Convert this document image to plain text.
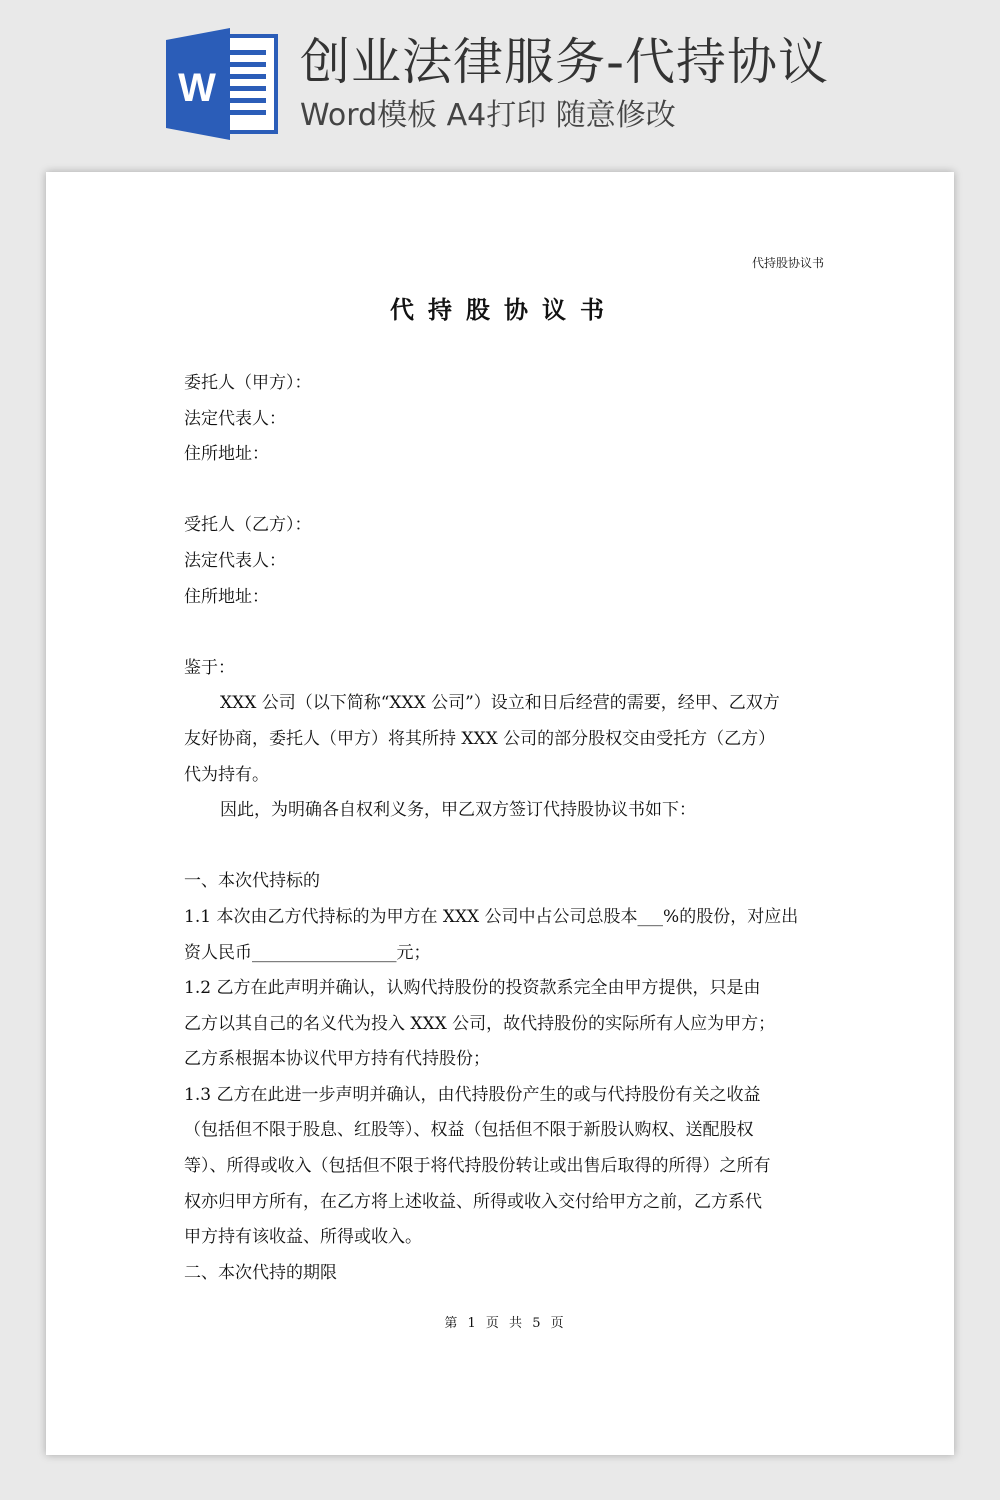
W 创业法律服务-代持协议
Word模板 A4打印 随意修改
代持股协议书
代持股协议书
委托人（甲方）：
法定代表人：
住所地址：
受托人（乙方）：
法定代表人：
住所地址：
鉴于：
XXX 公司（以下简称“XXX 公司”）设立和日后经营的需要，经甲、乙双方
友好协商，委托人（甲方）将其所持 XXX 公司的部分股权交由受托方（乙方）
代为持有。
因此，为明确各自权利义务，甲乙双方签订代持股协议书如下：
一、本次代持标的
1.1 本次由乙方代持标的为甲方在 XXX 公司中占公司总股本___%的股份，对应出
资人民币_________________元；
1.2 乙方在此声明并确认，认购代持股份的投资款系完全由甲方提供，只是由
乙方以其自己的名义代为投入 XXX 公司，故代持股份的实际所有人应为甲方；
乙方系根据本协议代甲方持有代持股份；
1.3 乙方在此进一步声明并确认，由代持股份产生的或与代持股份有关之收益
（包括但不限于股息、红股等）、权益（包括但不限于新股认购权、送配股权
等）、所得或收入（包括但不限于将代持股份转让或出售后取得的所得）之所有
权亦归甲方所有，在乙方将上述收益、所得或收入交付给甲方之前，乙方系代
甲方持有该收益、所得或收入。
二、本次代持的期限
第 1 页 共 5 页
